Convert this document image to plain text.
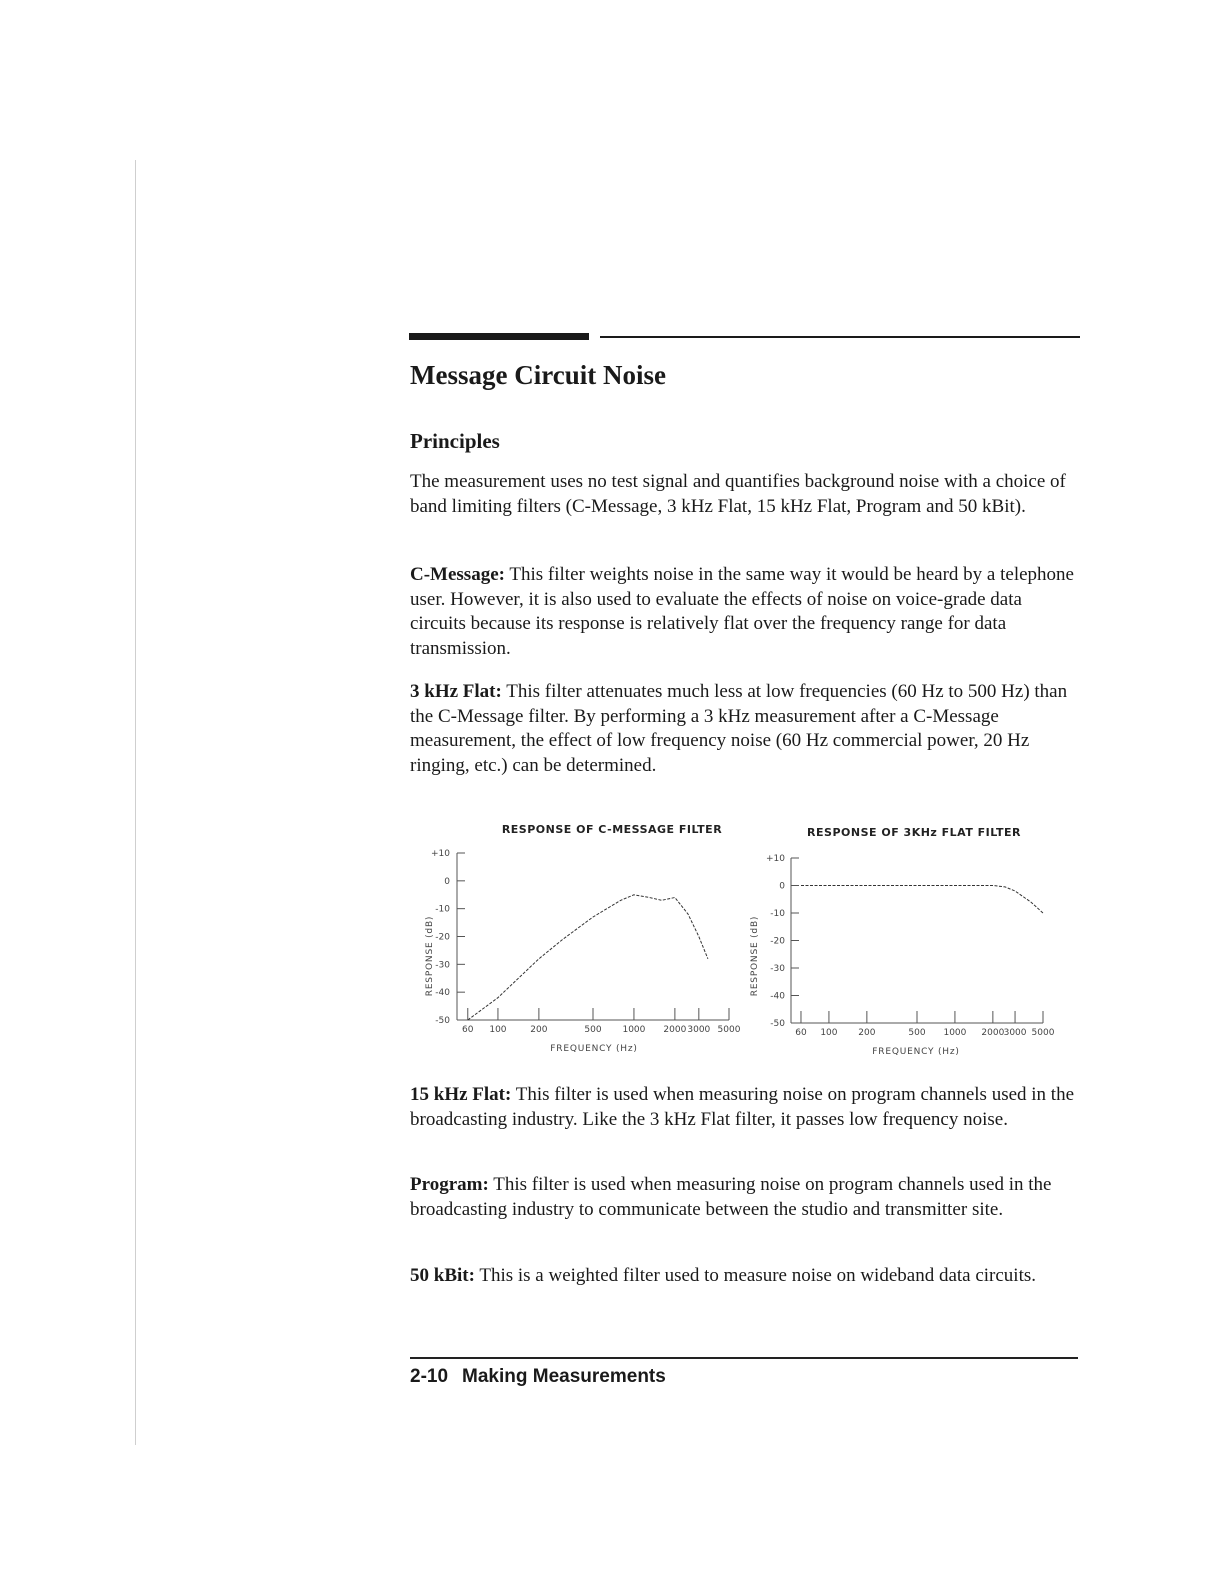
Message Circuit Noise
Principles

The measurement uses no test signal and quantifies background noise with a choice of band limiting filters (C-Message, 3 kHz Flat, 15 kHz Flat, Program and 50 kBit).

C-Message: This filter weights noise in the same way it would be heard by a telephone user. However, it is also used to evaluate the effects of noise on voice-grade data circuits because its response is relatively flat over the frequency range for data transmission.

3 kHz Flat: This filter attenuates much less at low frequencies (60 Hz to 500 Hz) than the C-Message filter. By performing a 3 kHz measurement after a C-Message measurement, the effect of low frequency noise (60 Hz commercial power, 20 Hz ringing, etc.) can be determined.

RESPONSE OF C-MESSAGE FILTER
RESPONSE (dB)
FREQUENCY (Hz)
+10
0
-10
-20
-30
-40
-50
60 100	200	500 1000 2000 3000 5000
RESPONSE OF 3KHz FLAT FILTER
RESPONSE (dB)
FREQUENCY (Hz)
+10
0
-10
-20
-30
-40
-50
60 100 200	500 1000 2000 3000 5000

15 kHz Flat: This filter is used when measuring noise on program channels used in the broadcasting industry. Like the 3 kHz Flat filter, it passes low frequency noise.

Program: This filter is used when measuring noise on program channels used in the broadcasting industry to communicate between the studio and transmitter site.

50 kBit: This is a weighted filter used to measure noise on wideband data circuits.

2-10 Making Measurements
